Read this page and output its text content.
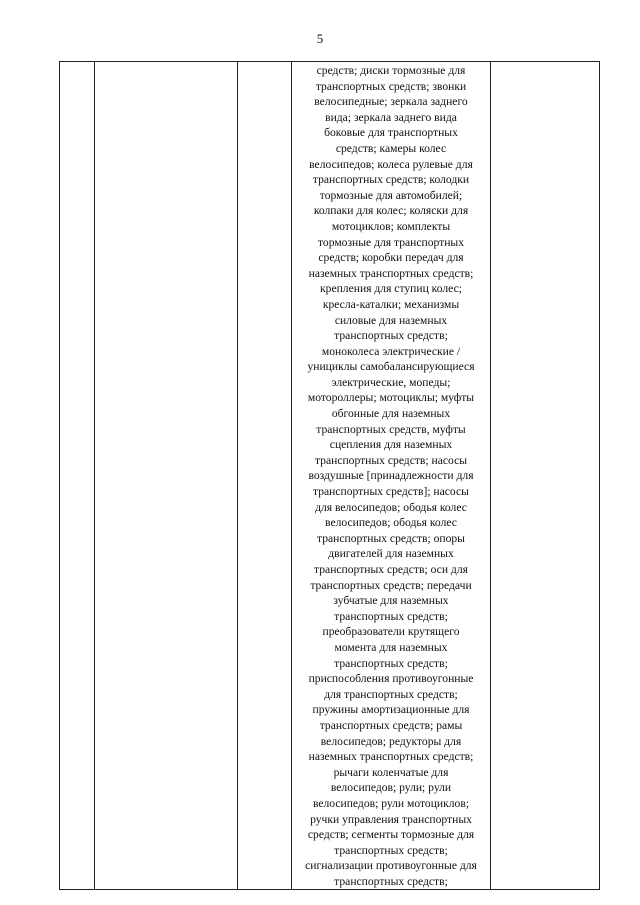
5

средств; диски тормозные для
транспортных средств; звонки
велосипедные; зеркала заднего
вида; зеркала заднего вида
боковые для транспортных
средств; камеры колес
велосипедов; колеса рулевые для
транспортных средств; колодки
тормозные для автомобилей;
колпаки для колес; коляски для
мотоциклов; комплекты
тормозные для транспортных
средств; коробки передач для
наземных транспортных средств;
крепления для ступиц колес;
кресла-каталки; механизмы
силовые для наземных
транспортных средств;
моноколеса электрические /
унициклы самобалансирующиеся
электрические, мопеды;
мотороллеры; мотоциклы; муфты
обгонные для наземных
транспортных средств, муфты
сцепления для наземных
транспортных средств; насосы
воздушные [принадлежности для
транспортных средств]; насосы
для велосипедов; ободья колес
велосипедов; ободья колес
транспортных средств; опоры
двигателей для наземных
транспортных средств; оси для
транспортных средств; передачи
зубчатые для наземных
транспортных средств;
преобразователи крутящего
момента для наземных
транспортных средств;
приспособления противоугонные
для транспортных средств;
пружины амортизационные для
транспортных средств; рамы
велосипедов; редукторы для
наземных транспортных средств;
рычаги коленчатые для
велосипедов; рули; рули
велосипедов; рули мотоциклов;
ручки управления транспортных
средств; сегменты тормозные для
транспортных средств;
сигнализации противоугонные для
транспортных средств;
